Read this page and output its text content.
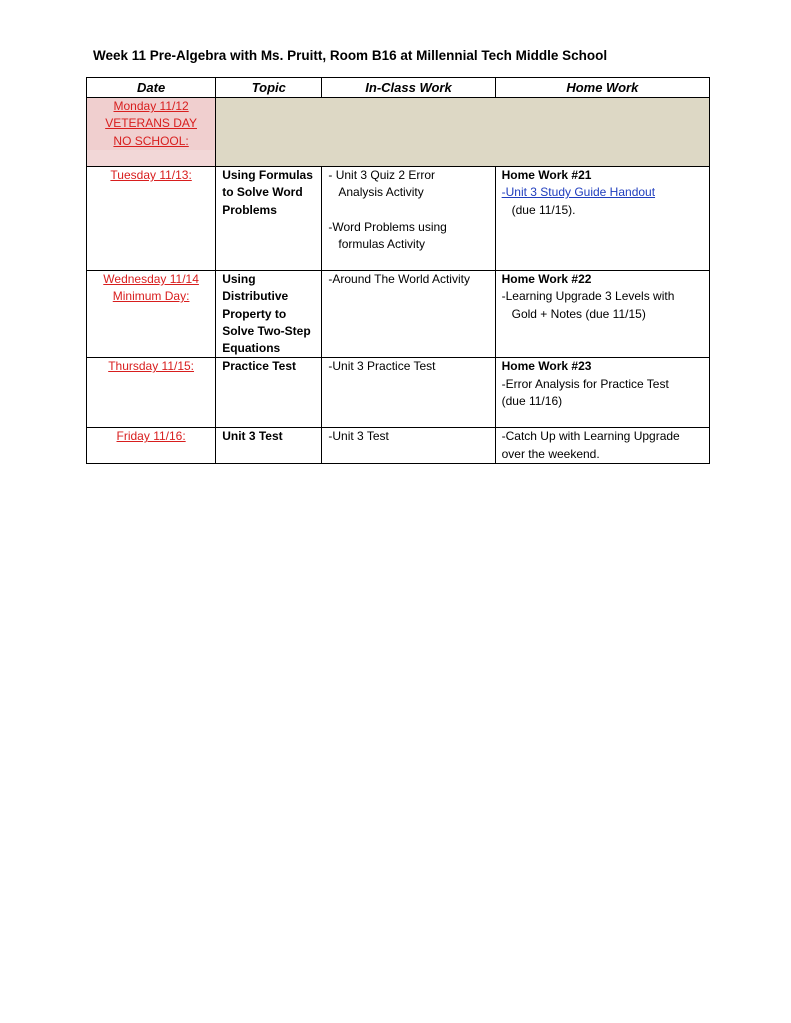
Week 11 Pre-Algebra with Ms. Pruitt, Room B16 at Millennial Tech Middle School
Date	Topic	In-Class Work	Home Work

Monday 11/12
VETERANS DAY
NO SCHOOL:			

Tuesday 11/13:	Using Formulas to Solve Word Problems	- Unit 3 Quiz 2 Error
Analysis Activity
-Word Problems using
formulas Activity	Home Work #21
-Unit 3 Study Guide Handout
(due 11/15).

Wednesday 11/14
Minimum Day:	Using Distributive Property to Solve Two-Step Equations	-Around The World Activity	Home Work #22
-Learning Upgrade 3 Levels with
Gold + Notes (due 11/15)

Thursday 11/15:	Practice Test	-Unit 3 Practice Test	Home Work #23
-Error Analysis for Practice Test
(due 11/16)

Friday 11/16:	Unit 3 Test	-Unit 3 Test	-Catch Up with Learning Upgrade
over the weekend.
